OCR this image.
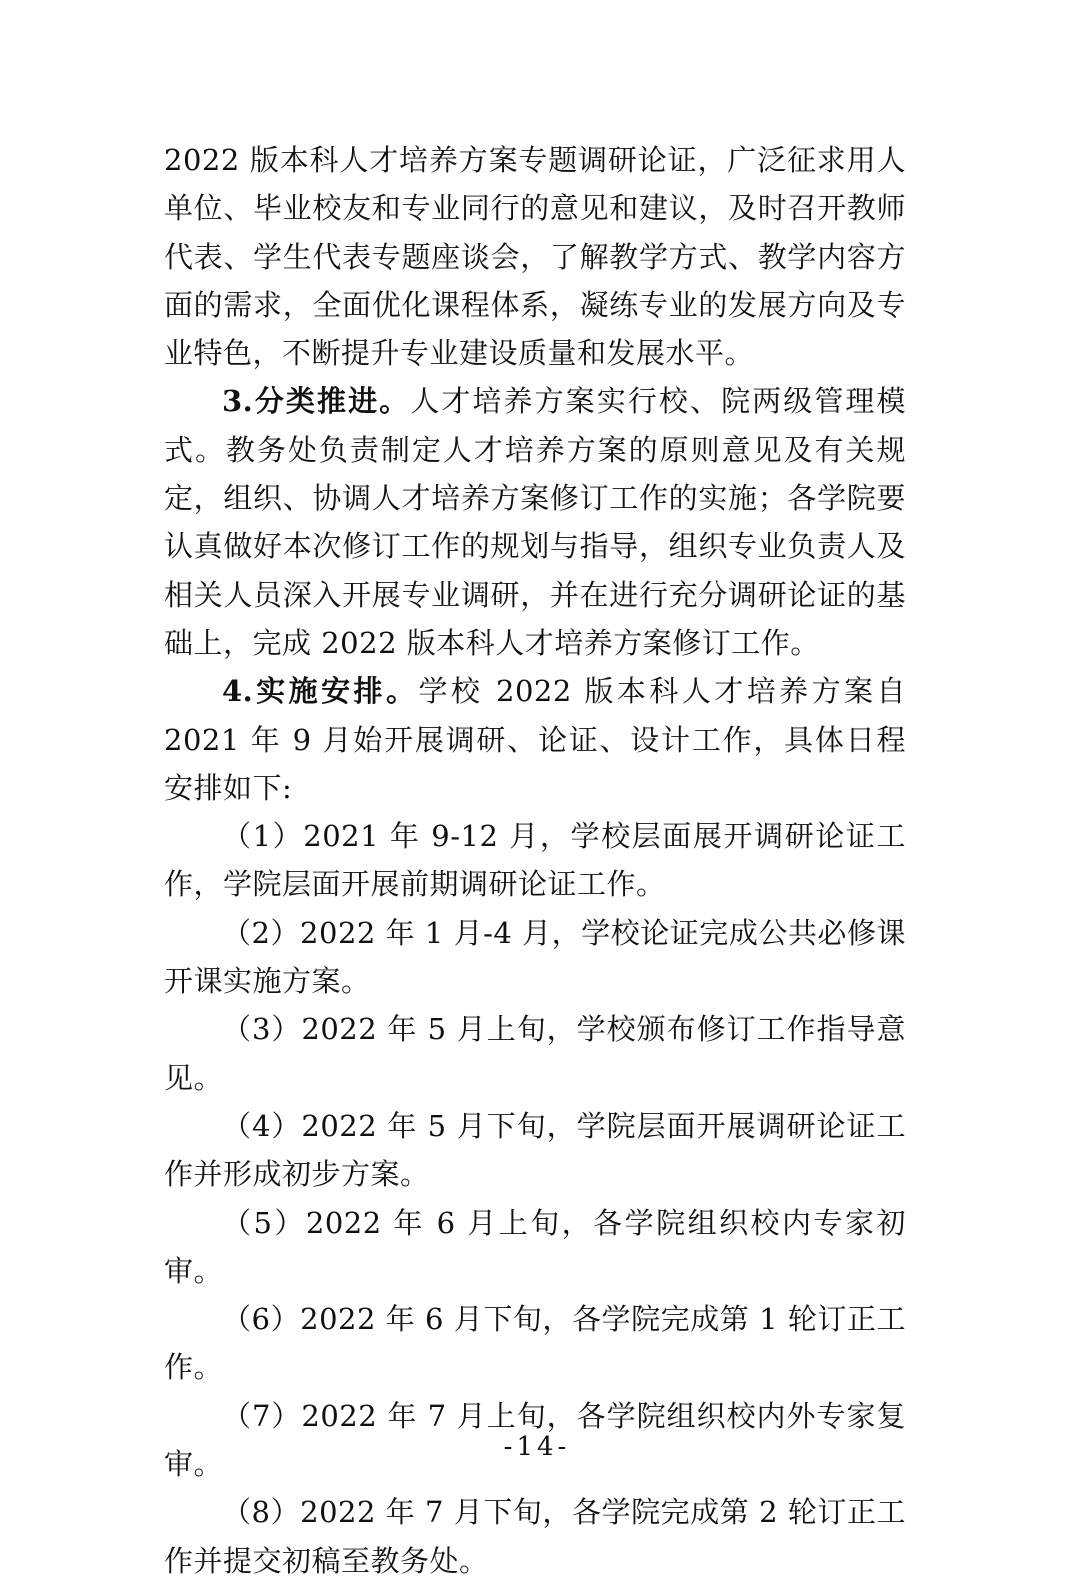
2022 版本科人才培养方案专题调研论证，广泛征求用人单位、毕业校友和专业同行的意见和建议，及时召开教师代表、学生代表专题座谈会，了解教学方式、教学内容方面的需求，全面优化课程体系，凝练专业的发展方向及专业特色，不断提升专业建设质量和发展水平。

3.分类推进。人才培养方案实行校、院两级管理模式。教务处负责制定人才培养方案的原则意见及有关规定，组织、协调人才培养方案修订工作的实施；各学院要认真做好本次修订工作的规划与指导，组织专业负责人及相关人员深入开展专业调研，并在进行充分调研论证的基础上，完成 2022 版本科人才培养方案修订工作。

4.实施安排。学校 2022 版本科人才培养方案自 2021 年 9 月始开展调研、论证、设计工作，具体日程安排如下:

（1）2021 年 9-12 月，学校层面展开调研论证工作，学院层面开展前期调研论证工作。

（2）2022 年 1 月-4 月，学校论证完成公共必修课开课实施方案。

（3）2022 年 5 月上旬，学校颁布修订工作指导意见。

（4）2022 年 5 月下旬，学院层面开展调研论证工作并形成初步方案。

（5）2022 年 6 月上旬，各学院组织校内专家初审。

（6）2022 年 6 月下旬，各学院完成第 1 轮订正工作。

（7）2022 年 7 月上旬，各学院组织校内外专家复审。

（8）2022 年 7 月下旬，各学院完成第 2 轮订正工作并提交初稿至教务处。

-14-
